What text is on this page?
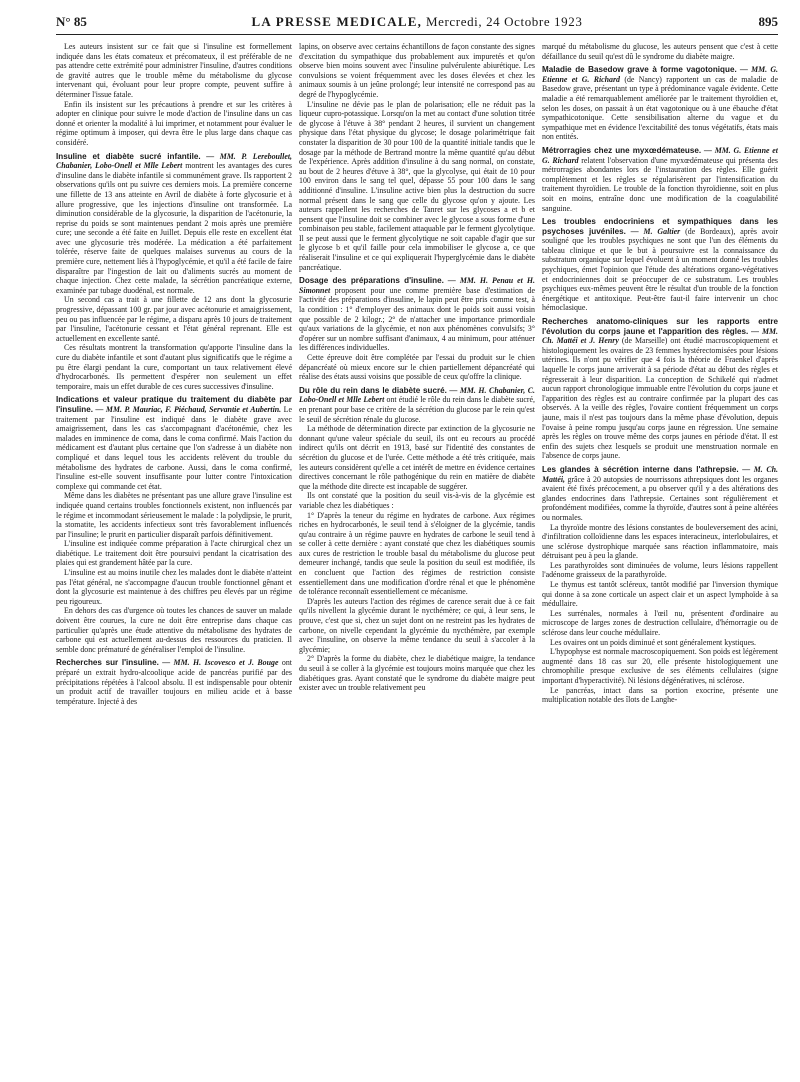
N° 85	LA PRESSE MEDICALE, Mercredi, 24 Octobre 1923	895

Les auteurs insistent sur ce fait que si l'insuline est formellement indiquée dans les états comateux et précomateux, il est préférable de ne pas attendre cette extrémité pour administrer l'insuline, d'autres conditions de gravité autres que le trouble même du métabolisme du glycose intervenant qui, évoluant pour leur propre compte, peuvent suffire à déterminer l'issue fatale.

Enfin ils insistent sur les précautions à prendre et sur les critères à adopter en clinique pour suivre le mode d'action de l'insuline dans un cas donné et orienter la modalité à lui imprimer, et notamment pour évaluer le régime optimum à imposer, qui devra être le plus large dans chaque cas considéré.

Insuline et diabète sucré infantile. — MM. P. Lereboullet, Chabanier, Lobo-Onell et Mlle Lebert montrent les avantages des cures d'insuline dans le diabète infantile si communément grave. Ils rapportent 2 observations qu'ils ont pu suivre ces derniers mois. La première concerne une fillette de 13 ans atteinte en Avril de diabète à forte glycosurie et à allure progressive, que les injections d'insuline ont transformée. La diminution considérable de la glycosurie, la disparition de l'acétonurie, la reprise du poids se sont maintenues pendant 2 mois après une première cure; une seconde a été faite en Juillet. Depuis elle reste en excellent état avec une glycosurie très modérée. La médication a été parfaitement tolérée, réserve faite de quelques malaises survenus au cours de la première cure, nettement liés à l'hypoglycémie, et qu'il a été facile de faire disparaître par l'ingestion de lait ou d'aliments sucrés au moment de chaque injection. Chez cette malade, la sécrétion pancréatique externe, examinée par tubage duodénal, est normale.

Un second cas a trait à une fillette de 12 ans dont la glycosurie progressive, dépassant 100 gr. par jour avec acétonurie et amaigrissement, peu ou pas influencée par le régime, a disparu après 10 jours de traitement par l'insuline, l'acétonurie cessant et l'état général reprenant. Elle est actuellement en excellente santé.

Ces résultats montrent la transformation qu'apporte l'insuline dans la cure du diabète infantile et sont d'autant plus significatifs que le régime a pu être élargi pendant la cure, comportant un taux relativement élevé d'hydrocarbonés. Ils permettent d'espérer non seulement un effet temporaire, mais un effet durable de ces cures successives d'insuline.

Indications et valeur pratique du traitement du diabète par l'insuline. — MM. P. Mauriac, F. Piéchaud, Servantie et Aubertin. Le traitement par l'insuline est indiqué dans le diabète grave avec amaigrissement, dans les cas s'accompagnant d'acétonémie, chez les malades en imminence de coma, dans le coma confirmé. Mais l'action du médicament est d'autant plus certaine que l'on s'adresse à un diabète non compliqué et dans lequel tous les accidents relèvent du trouble du métabolisme des hydrates de carbone. Aussi, dans le coma confirmé, l'insuline est-elle souvent insuffisante pour lutter contre l'intoxication complexe qui commande cet état.

Même dans les diabètes ne présentant pas une allure grave l'insuline est indiquée quand certains troubles fonctionnels existent, non influencés par le régime et incommodant sérieusement le malade : la polydipsie, le prurit, la stomatite, les accidents infectieux sont très favorablement influencés par l'insuline; le prurit en particulier disparaît parfois définitivement.

L'insuline est indiquée comme préparation à l'acte chirurgical chez un diabétique. Le traitement doit être poursuivi pendant la cicatrisation des plaies qui est grandement hâtée par la cure.

L'insuline est au moins inutile chez les malades dont le diabète n'atteint pas l'état général, ne s'accompagne d'aucun trouble fonctionnel gênant et dont la glycosurie est maintenue à des chiffres peu élevés par un régime peu rigoureux.

En dehors des cas d'urgence où toutes les chances de sauver un malade doivent être courues, la cure ne doit être entreprise dans chaque cas particulier qu'après une étude attentive du métabolisme des hydrates de carbone qui est actuellement au-dessus des ressources du praticien. Il semble donc prématuré de généraliser l'emploi de l'insuline.

Recherches sur l'insuline. — MM. H. Iscovesco et J. Bouge ont préparé un extrait hydro-alcoolique acide de pancréas purifié par des précipitations répétées à l'alcool absolu. Il est indispensable pour obtenir un produit actif de travailler toujours en milieu acide et à basse température. Injecté à des

lapins, on observe avec certains échantillons de façon constante des signes d'excitation du sympathique dus probablement aux impuretés et qu'on observe bien moins souvent avec l'insuline pulvérulente abiurétique. Les convulsions se voient fréquemment avec les doses élevées et chez les animaux soumis à un jeûne prolongé; leur intensité ne correspond pas au degré de l'hypoglycémie.

L'insuline ne dévie pas le plan de polarisation; elle ne réduit pas la liqueur cupro-potassique. Lorsqu'on la met au contact d'une solution titrée de glycose à l'étuve à 38° pendant 2 heures, il survient un changement physique dans l'état physique du glycose; le dosage polarimétrique fait constater la disparition de 30 pour 100 de la quantité initiale tandis que le dosage par la méthode de Bertrand montre la même quantité qu'au début de l'expérience. Après addition d'insuline à du sang normal, on constate, au bout de 2 heures d'étuve à 38°, que la glycolyse, qui était de 10 pour 100 environ dans le sang tel quel, dépasse 55 pour 100 dans le sang additionné d'insuline. L'insuline active bien plus la destruction du sucre normal présent dans le sang que celle du glycose qu'on y ajoute. Les auteurs rappellent les recherches de Tanret sur les glycoses a et b et pensent que l'insuline doit se combiner avec le glycose a sous forme d'une combinaison peu stable, facilement attaquable par le ferment glycolytique. Il se peut aussi que le ferment glycolytique ne soit capable d'agir que sur le glycose b et qu'il faille pour cela immobiliser le glycose a, ce que réaliserait l'insuline et ce qui expliquerait l'hyperglycémie dans le diabète pancréatique.

Dosage des préparations d'insuline. — MM. H. Penau et H. Simonnet proposent pour une comme première base d'estimation de l'activité des préparations d'insuline, le lapin peut être pris comme test, à la condition : 1° d'employer des animaux dont le poids soit aussi voisin que possible de 2 kilogr.; 2° de n'attacher une importance primordiale qu'aux variations de la glycémie, et non aux phénomènes convulsifs; 3° d'opérer sur un nombre suffisant d'animaux, 4 au minimum, pour atténuer les différences individuelles.

Cette épreuve doit être complétée par l'essai du produit sur le chien dépancréaté où mieux encore sur le chien partiellement dépancréaté qui réalise des états aussi voisins que possible de ceux qu'offre la clinique.

Du rôle du rein dans le diabète sucré. — MM. H. Chabanier, C. Lobo-Onell et Mlle Lebert ont étudié le rôle du rein dans le diabète sucré, en prenant pour base ce critère de la sécrétion du glucose par le rein qu'est le seuil de sécrétion rénale du glucose.

La méthode de détermination directe par extinction de la glycosurie ne donnant qu'une valeur spéciale du seuil, ils ont eu recours au procédé indirect qu'ils ont décrit en 1913, basé sur l'identité des constantes de sécrétion du glucose et de l'urée. Cette méthode a été très critiquée, mais les auteurs considèrent qu'elle a cet intérêt de mettre en évidence certaines directives concernant le rôle pathogénique du rein en matière de diabète que la méthode dite directe est incapable de suggérer.

Ils ont constaté que la position du seuil vis-à-vis de la glycémie est variable chez les diabétiques :

1° D'après la teneur du régime en hydrates de carbone. Aux régimes riches en hydrocarbonés, le seuil tend à s'éloigner de la glycémie, tandis qu'au contraire à un régime pauvre en hydrates de carbone le seuil tend à se coller à cette dernière : ayant constaté que chez les diabétiques soumis aux cures de restriction le trouble basal du métabolisme du glucose peut demeurer inchangé, tandis que seule la position du seuil est modifiée, ils en concluent que l'action des régimes de restriction consiste essentiellement dans une modification d'ordre rénal et que le phénomène de tolérance reconnaît essentiellement ce mécanisme.

D'après les auteurs l'action des régimes de carence serait due à ce fait qu'ils nivellent la glycémie durant le nycthémère; ce qui, à leur sens, le prouve, c'est que si, chez un sujet dont on ne restreint pas les hydrates de carbone, on nivelle cependant la glycémie du nycthémère, par exemple avec l'insuline, on observe la même tendance du seuil à s'accoler à la glycémie;

2° D'après la forme du diabète, chez le diabétique maigre, la tendance du seuil à se coller à la glycémie est toujours moins marquée que chez les diabétiques gras. Ayant constaté que le syndrome du diabète maigre peut exister avec un trouble relativement peu

marqué du métabolisme du glucose, les auteurs pensent que c'est à cette défaillance du seuil qu'est dû le syndrome du diabète maigre.

Maladie de Basedow grave à forme vagotonique. — MM. G. Etienne et G. Richard (de Nancy) rapportent un cas de maladie de Basedow grave, présentant un type à prédominance vagale évidente. Cette maladie a été remarquablement améliorée par le traitement thyroïdien et, selon les doses, on passait à un état vagotonique ou à une ébauche d'état sympathicotonique. Cette sensibilisation alterne du vague et du sympathique met en évidence l'excitabilité des tonus végétatifs, états mais non entités.

Métrorragies chez une myxœdémateuse. — MM. G. Etienne et G. Richard relatent l'observation d'une myxœdémateuse qui présenta des métrorragies abondantes lors de l'instauration des règles. Elle guérit complètement et les règles se régularisèrent par l'intensification du traitement thyroïdien. Le trouble de la fonction thyroïdienne, soit en plus soit en moins, entraîne donc une modification de la coagulabilité sanguine.

Les troubles endocriniens et sympathiques dans les psychoses juvéniles. — M. Galtier (de Bordeaux), après avoir souligné que les troubles psychiques ne sont que l'un des éléments du tableau clinique et que le but à poursuivre est la connaissance du substratum organique sur lequel évoluent à un moment donné les troubles psychiques, émet l'opinion que l'étude des altérations organo-végétatives et endocriniennes doit se préoccuper de ce substratum. Les troubles psychiques eux-mêmes peuvent être le résultat d'un trouble de la fonction énergétique et antitoxique. Peut-être faut-il faire intervenir un choc hémoclasique.

Recherches anatomo-cliniques sur les rapports entre l'évolution du corps jaune et l'apparition des règles. — MM. Ch. Mattéi et J. Henry (de Marseille) ont étudié macroscopiquement et histologiquement les ovaires de 23 femmes hystérectomisées pour lésions utérines. Ils n'ont pu vérifier que 4 fois la théorie de Fraenkel d'après laquelle le corps jaune arriverait à sa période d'état au début des règles et régresserait à leur disparition. La conception de Schikelé qui n'admet aucun rapport chronologique immuable entre l'évolution du corps jaune et l'apparition des règles est au contraire confirmée par la plupart des cas observés. A la veille des règles, l'ovaire contient fréquemment un corps jaune, mais il n'est pas toujours dans la même phase d'évolution, depuis l'ovaise à peine rompu jusqu'au corps jaune en régression. Une semaine après les règles on trouve même des corps jaunes en période d'état. Il est enfin des sujets chez lesquels se produit une menstruation normale en l'absence de corps jaune.

Les glandes à sécrétion interne dans l'athrepsie. — M. Ch. Mattéi, grâce à 20 autopsies de nourrissons athrepsiques dont les organes avaient été fixés précocement, a pu observer qu'il y a des altérations des glandes endocrines dans l'athrepsie. Certaines sont régulièrement et profondément modifiées, comme la thyroïde, d'autres sont à peine altérées ou normales.

La thyroïde montre des lésions constantes de bouleversement des acini, d'infiltration colloïdienne dans les espaces interacineux, interlobulaires, et une sclérose dystrophique marquée sans réaction inflammatoire, mais détruisant peu à peu la glande.

Les parathyroïdes sont diminuées de volume, leurs lésions rappellent l'adénome graisseux de la parathyroïde.

Le thymus est tantôt scléreux, tantôt modifié par l'inversion thymique qui donne à sa zone corticale un aspect clair et un aspect lymphoïde à sa médullaire.

Les surrénales, normales à l'œil nu, présentent d'ordinaire au microscope de larges zones de destruction cellulaire, d'hémorragie ou de sclérose dans leur couche médullaire.

Les ovaires ont un poids diminué et sont généralement kystiques.

L'hypophyse est normale macroscopiquement. Son poids est légèrement augmenté dans 18 cas sur 20, elle présente histologiquement une chromophilie presque exclusive de ses éléments cellulaires (signe important d'hyperactivité). Ni lésions dégénératives, ni sclérose.

Le pancréas, intact dans sa portion exocrine, présente une multiplication notable des îlots de Langhe-
